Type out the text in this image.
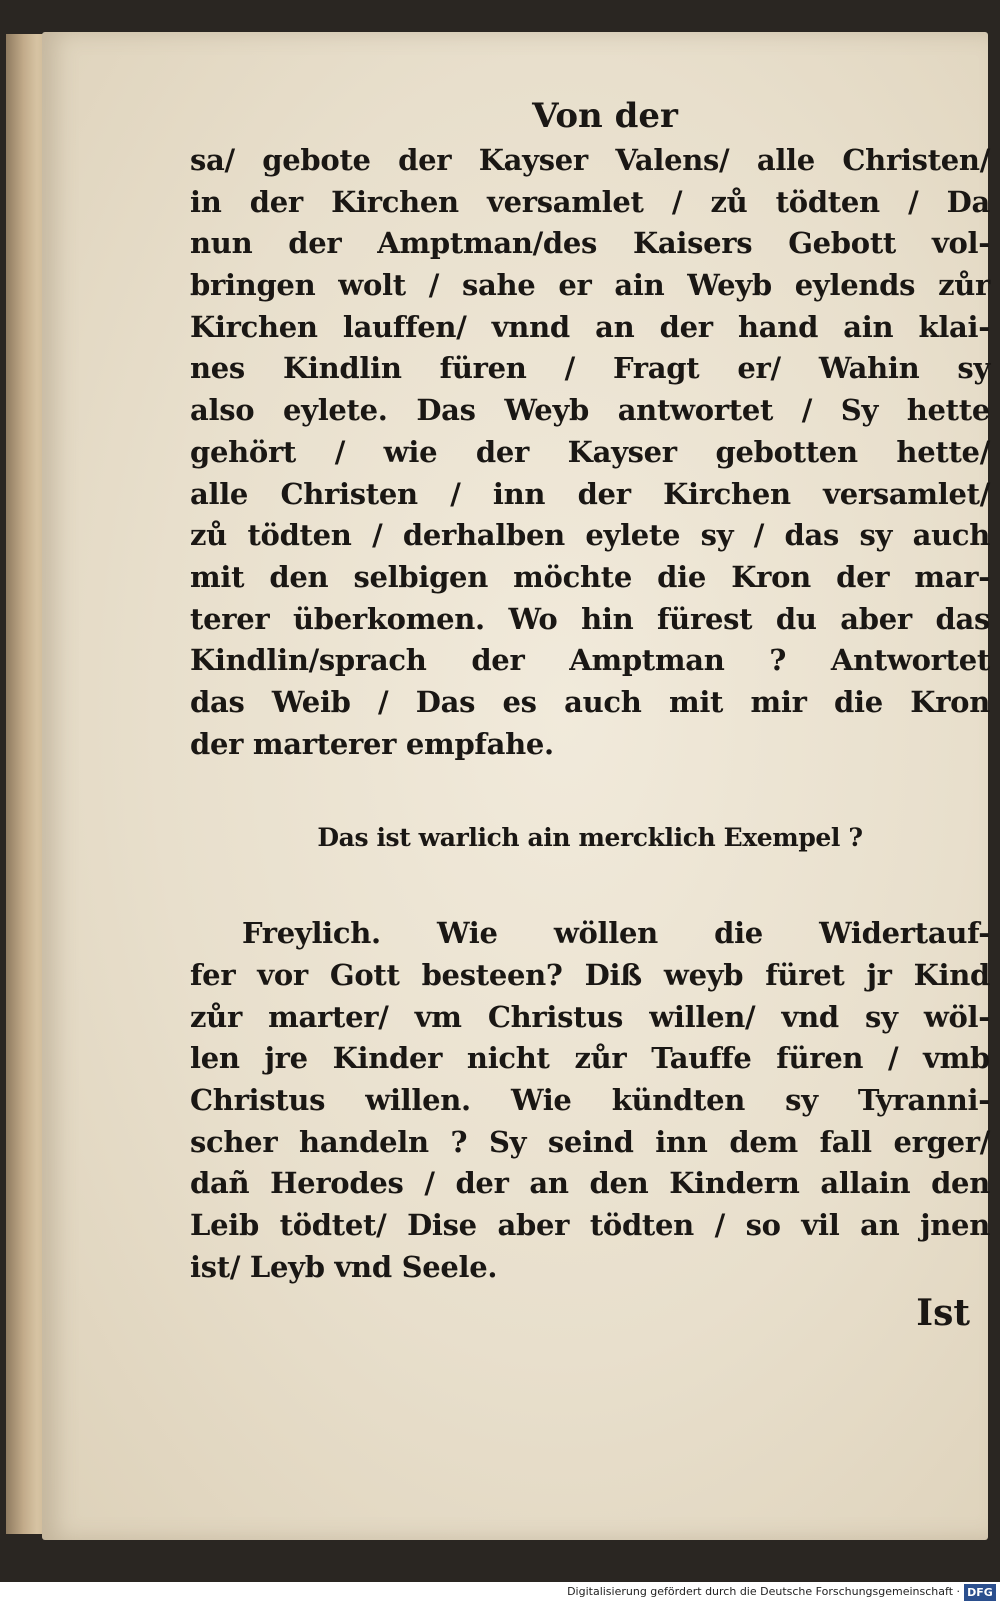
Von der
sa/ gebote der Kayser Valens/ alle Christen/
in der Kirchen versamlet / zů tödten / Da
nun der Amptman/des Kaisers Gebott vol-
bringen wolt / sahe er ain Weyb eylends zůr
Kirchen lauffen/ vnnd an der hand ain klai-
nes Kindlin füren / Fragt er/ Wahin sy
also eylete. Das Weyb antwortet / Sy hette
gehört / wie der Kayser gebotten hette/
alle Christen / inn der Kirchen versamlet/
zů tödten / derhalben eylete sy / das sy auch
mit den selbigen möchte die Kron der mar-
terer überkomen. Wo hin fürest du aber das
Kindlin/sprach der Amptman ? Antwortet
das Weib / Das es auch mit mir die Kron
der marterer empfahe.
Das ist warlich ain mercklich Exempel ?
Freylich. Wie wöllen die Widertauf-
fer vor Gott besteen? Diß weyb füret jr Kind
zůr marter/ vm Christus willen/ vnd sy wöl-
len jre Kinder nicht zůr Tauffe füren / vmb
Christus willen. Wie kündten sy Tyranni-
scher handeln ? Sy seind inn dem fall erger/
dañ Herodes / der an den Kindern allain den
Leib tödtet/ Dise aber tödten / so vil an jnen
ist/ Leyb vnd Seele.
Ist
Digitalisierung gefördert durch die Deutsche Forschungsgemeinschaft · DFG
